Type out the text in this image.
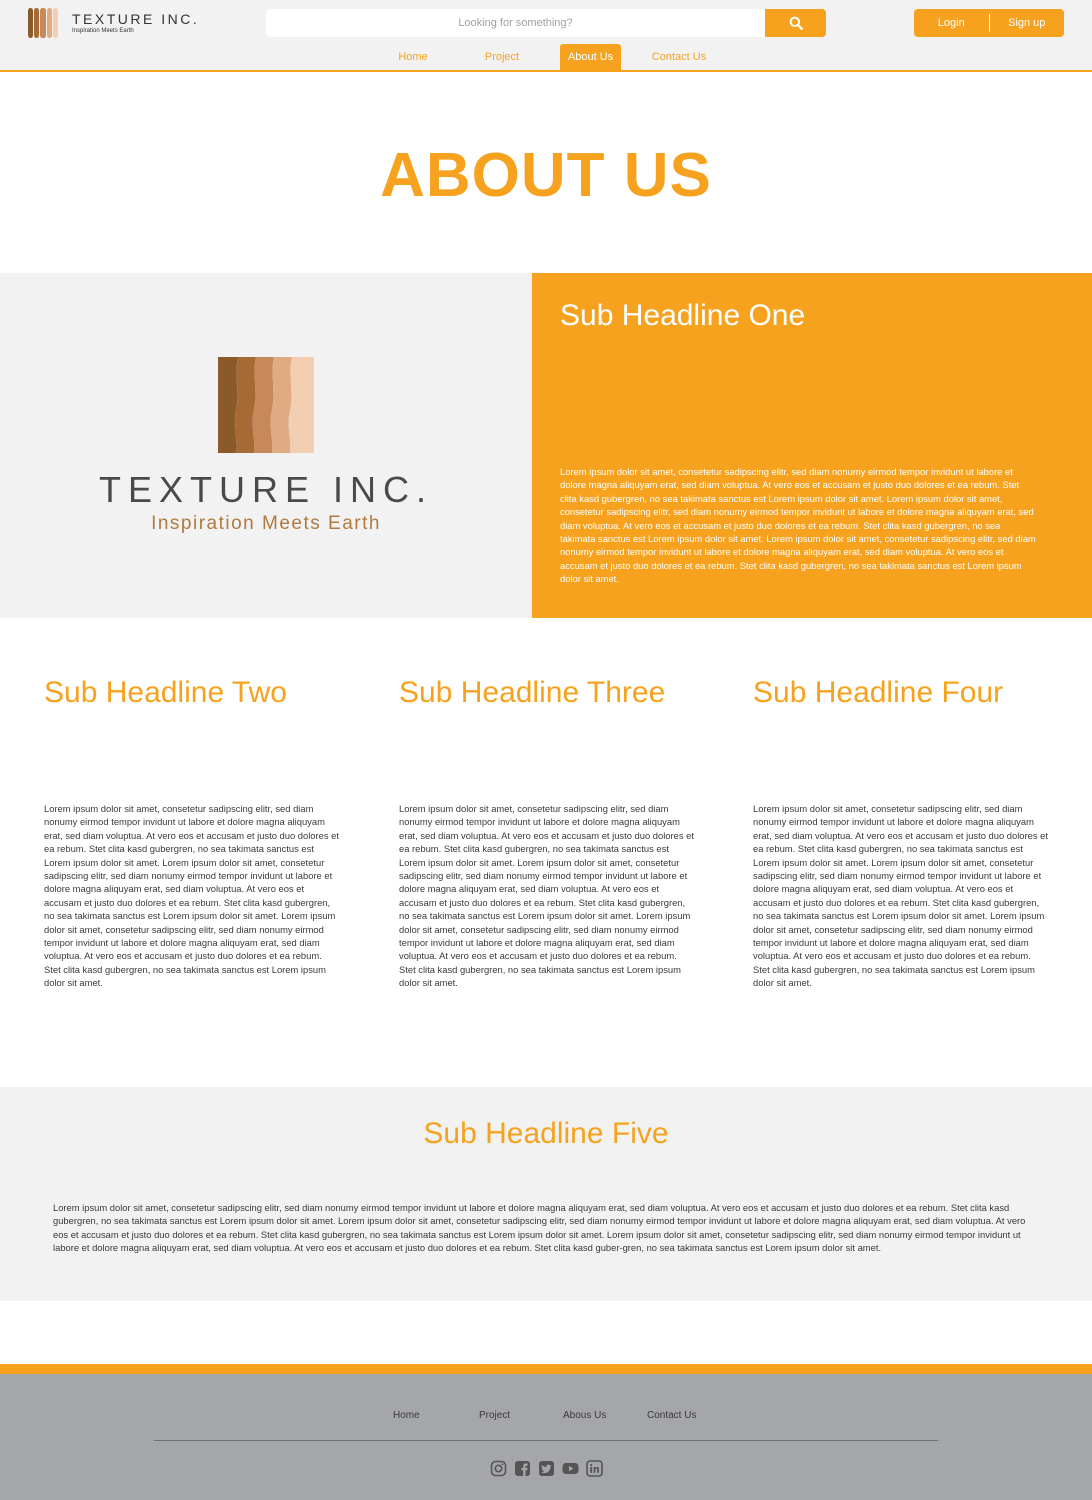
TEXTURE INC.
Inspiration Meets Earth
Looking for something?
Login	Sign up
Home	Project	About Us	Contact Us
ABOUT US
TEXTURE INC.
Inspiration Meets Earth
Sub Headline One

Lorem ipsum dolor sit amet, consetetur sadipscing elitr, sed diam nonumy eirmod tempor invidunt ut labore et dolore magna aliquyam erat, sed diam voluptua. At vero eos et accusam et justo duo dolores et ea rebum. Stet clita kasd gubergren, no sea takimata sanctus est Lorem ipsum dolor sit amet. Lorem ipsum dolor sit amet, consetetur sadipscing elitr, sed diam nonumy eirmod tempor invidunt ut labore et dolore magna aliquyam erat, sed diam voluptua. At vero eos et accusam et justo duo dolores et ea rebum. Stet clita kasd gubergren, no sea takimata sanctus est Lorem ipsum dolor sit amet. Lorem ipsum dolor sit amet, consetetur sadipscing elitr, sed diam nonumy eirmod tempor invidunt ut labore et dolore magna aliquyam erat, sed diam voluptua. At vero eos et accusam et justo duo dolores et ea rebum. Stet clita kasd gubergren, no sea takimata sanctus est Lorem ipsum dolor sit amet.

Sub Headline Two

Lorem ipsum dolor sit amet, consetetur sadipscing elitr, sed diam nonumy eirmod tempor invidunt ut labore et dolore magna aliquyam erat, sed diam voluptua. At vero eos et accusam et justo duo dolores et ea rebum. Stet clita kasd gubergren, no sea takimata sanctus est Lorem ipsum dolor sit amet. Lorem ipsum dolor sit amet, consetetur sadipscing elitr, sed diam nonumy eirmod tempor invidunt ut labore et dolore magna aliquyam erat, sed diam voluptua. At vero eos et accusam et justo duo dolores et ea rebum. Stet clita kasd gubergren, no sea takimata sanctus est Lorem ipsum dolor sit amet. Lorem ipsum dolor sit amet, consetetur sadipscing elitr, sed diam nonumy eirmod tempor invidunt ut labore et dolore magna aliquyam erat, sed diam voluptua. At vero eos et accusam et justo duo dolores et ea rebum. Stet clita kasd gubergren, no sea takimata sanctus est Lorem ipsum dolor sit amet.

Sub Headline Three

Lorem ipsum dolor sit amet, consetetur sadipscing elitr, sed diam nonumy eirmod tempor invidunt ut labore et dolore magna aliquyam erat, sed diam voluptua. At vero eos et accusam et justo duo dolores et ea rebum. Stet clita kasd gubergren, no sea takimata sanctus est Lorem ipsum dolor sit amet. Lorem ipsum dolor sit amet, consetetur sadipscing elitr, sed diam nonumy eirmod tempor invidunt ut labore et dolore magna aliquyam erat, sed diam voluptua. At vero eos et accusam et justo duo dolores et ea rebum. Stet clita kasd gubergren, no sea takimata sanctus est Lorem ipsum dolor sit amet. Lorem ipsum dolor sit amet, consetetur sadipscing elitr, sed diam nonumy eirmod tempor invidunt ut labore et dolore magna aliquyam erat, sed diam voluptua. At vero eos et accusam et justo duo dolores et ea rebum. Stet clita kasd gubergren, no sea takimata sanctus est Lorem ipsum dolor sit amet.

Sub Headline Four

Lorem ipsum dolor sit amet, consetetur sadipscing elitr, sed diam nonumy eirmod tempor invidunt ut labore et dolore magna aliquyam erat, sed diam voluptua. At vero eos et accusam et justo duo dolores et ea rebum. Stet clita kasd gubergren, no sea takimata sanctus est Lorem ipsum dolor sit amet. Lorem ipsum dolor sit amet, consetetur sadipscing elitr, sed diam nonumy eirmod tempor invidunt ut labore et dolore magna aliquyam erat, sed diam voluptua. At vero eos et accusam et justo duo dolores et ea rebum. Stet clita kasd gubergren, no sea takimata sanctus est Lorem ipsum dolor sit amet. Lorem ipsum dolor sit amet, consetetur sadipscing elitr, sed diam nonumy eirmod tempor invidunt ut labore et dolore magna aliquyam erat, sed diam voluptua. At vero eos et accusam et justo duo dolores et ea rebum. Stet clita kasd gubergren, no sea takimata sanctus est Lorem ipsum dolor sit amet.

Sub Headline Five

Lorem ipsum dolor sit amet, consetetur sadipscing elitr, sed diam nonumy eirmod tempor invidunt ut labore et dolore magna aliquyam erat, sed diam voluptua. At vero eos et accusam et justo duo dolores et ea rebum. Stet clita kasd gubergren, no sea takimata sanctus est Lorem ipsum dolor sit amet. Lorem ipsum dolor sit amet, consetetur sadipscing elitr, sed diam nonumy eirmod tempor invidunt ut labore et dolore magna aliquyam erat, sed diam voluptua. At vero eos et accusam et justo duo dolores et ea rebum. Stet clita kasd gubergren, no sea takimata sanctus est Lorem ipsum dolor sit amet. Lorem ipsum dolor sit amet, consetetur sadipscing elitr, sed diam nonumy eirmod tempor invidunt ut labore et dolore magna aliquyam erat, sed diam voluptua. At vero eos et accusam et justo duo dolores et ea rebum. Stet clita kasd guber-gren, no sea takimata sanctus est Lorem ipsum dolor sit amet.

Home	Project	Abous Us	Contact Us
